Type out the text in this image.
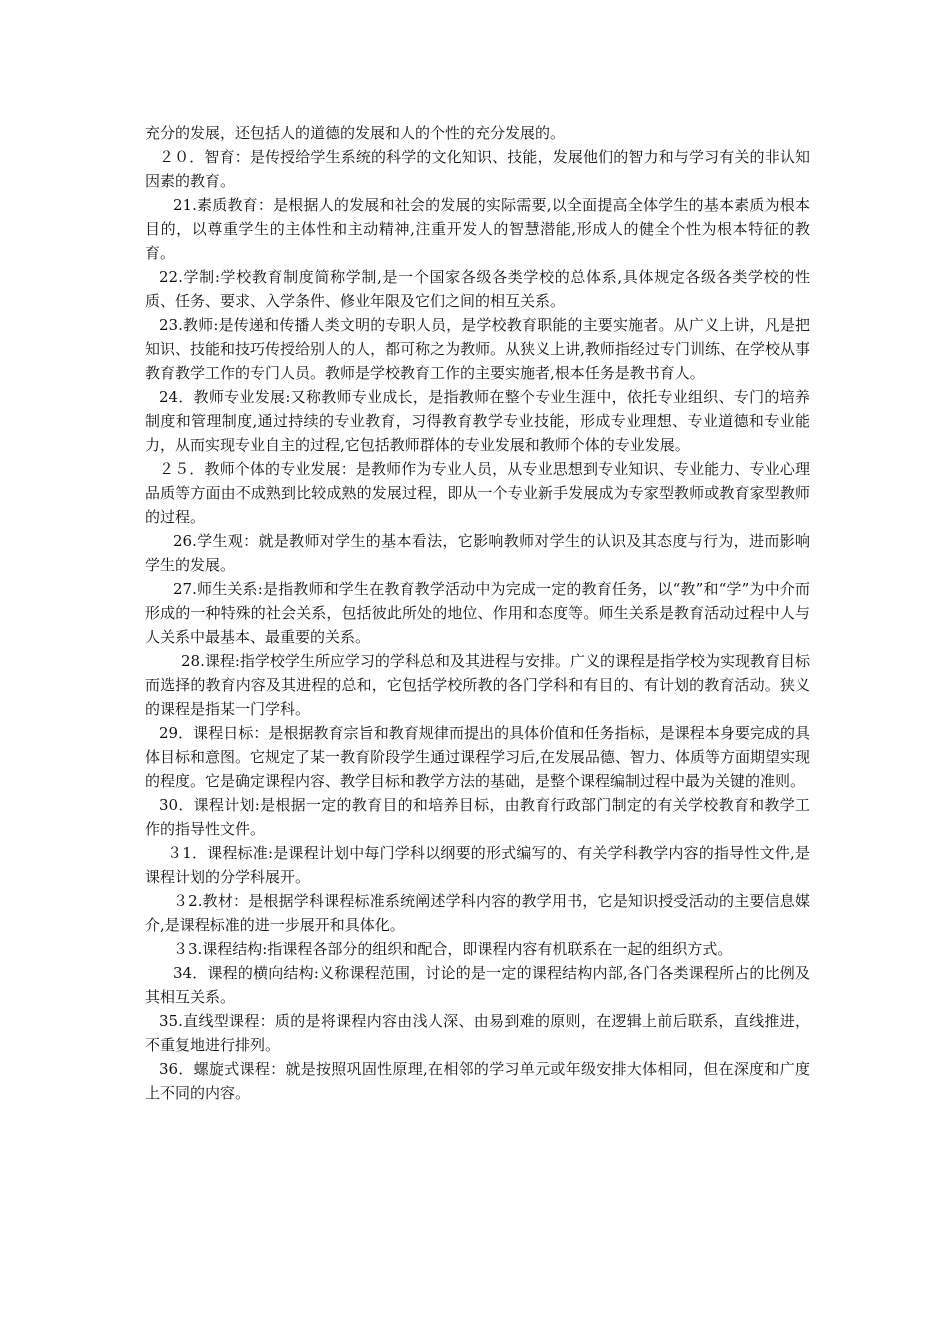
充分的发展，还包括人的道德的发展和人的个性的充分发展的。

２０．智育：是传授给学生系统的科学的文化知识、技能，发展他们的智力和与学习有关的非认知因素的教育。

21.素质教育：是根据人的发展和社会的发展的实际需要,以全面提高全体学生的基本素质为根本目的，以尊重学生的主体性和主动精神,注重开发人的智慧潜能,形成人的健全个性为根本特征的教育。

22.学制:学校教育制度简称学制,是一个国家各级各类学校的总体系,具体规定各级各类学校的性质、任务、要求、入学条件、修业年限及它们之间的相互关系。

23.教师:是传递和传播人类文明的专职人员，是学校教育职能的主要实施者。从广义上讲，凡是把知识、技能和技巧传授给别人的人，都可称之为教师。从狭义上讲,教师指经过专门训练、在学校从事教育教学工作的专门人员。教师是学校教育工作的主要实施者,根本任务是教书育人。

24．教师专业发展:又称教师专业成长，是指教师在整个专业生涯中，依托专业组织、专门的培养制度和管理制度,通过持续的专业教育，习得教育教学专业技能，形成专业理想、专业道德和专业能力，从而实现专业自主的过程,它包括教师群体的专业发展和教师个体的专业发展。

２５．教师个体的专业发展：是教师作为专业人员，从专业思想到专业知识、专业能力、专业心理品质等方面由不成熟到比较成熟的发展过程，即从一个专业新手发展成为专家型教师或教育家型教师的过程。

26.学生观：就是教师对学生的基本看法，它影响教师对学生的认识及其态度与行为，进而影响学生的发展。

27.师生关系:是指教师和学生在教育教学活动中为完成一定的教育任务，以“教”和“学”为中介而形成的一种特殊的社会关系，包括彼此所处的地位、作用和态度等。师生关系是教育活动过程中人与人关系中最基本、最重要的关系。

28.课程:指学校学生所应学习的学科总和及其进程与安排。广义的课程是指学校为实现教育目标而选择的教育内容及其进程的总和，它包括学校所教的各门学科和有目的、有计划的教育活动。狭义的课程是指某一门学科。

29．课程日标：是根据教育宗旨和教育规律而提出的具体价值和任务指标，是课程本身要完成的具体目标和意图。它规定了某一教育阶段学生通过课程学习后,在发展品德、智力、体质等方面期望实现的程度。它是确定课程内容、教学目标和教学方法的基础，是整个课程编制过程中最为关键的准则。

30．课程计划:是根据一定的教育目的和培养目标，由教育行政部门制定的有关学校教育和教学工作的指导性文件。

３1．课程标准:是课程计划中每门学科以纲要的形式编写的、有关学科教学内容的指导性文件,是课程计划的分学科展开。

３2.教材：是根据学科课程标准系统阐述学科内容的教学用书，它是知识授受活动的主要信息媒介,是课程标准的进一步展开和具体化。

３3.课程结构:指课程各部分的组织和配合，即课程内容有机联系在一起的组织方式。

34．课程的横向结构:义称课程范围，讨论的是一定的课程结构内部,各门各类课程所占的比例及其相互关系。

35.直线型课程：质的是将课程内容由浅人深、由易到难的原则，在逻辑上前后联系，直线推进，不重复地进行排列。

36．螺旋式课程：就是按照巩固性原理,在相邻的学习单元或年级安排大体相同，但在深度和广度上不同的内容。
